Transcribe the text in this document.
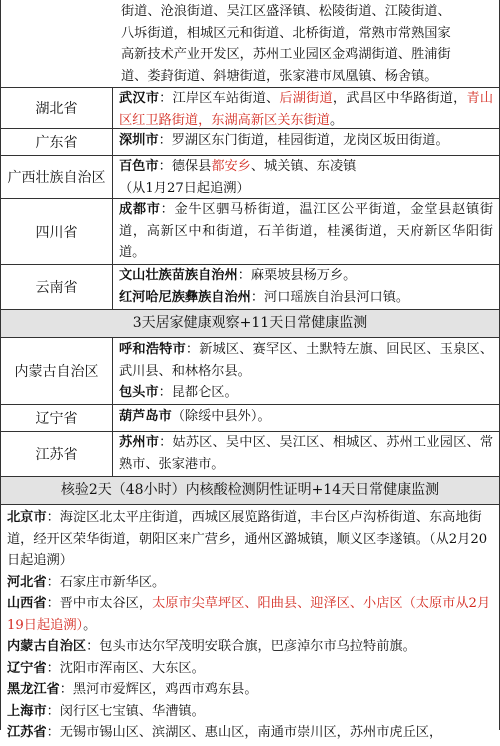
街道、沧浪街道、吴江区盛泽镇、松陵街道、江陵街道、
八坼街道，相城区元和街道、北桥街道，常熟市常熟国家
高新技术产业开发区，苏州工业园区金鸡湖街道、胜浦街
道、娄葑街道、斜塘街道，张家港市凤凰镇、杨舍镇。
湖北省
武汉市：江岸区车站街道、后湖街道，武昌区中华路街道，青山区红卫路街道，东湖高新区关东街道。
广东省	深圳市：罗湖区东门街道，桂园街道，龙岗区坂田街道。
广西壮族自治区
百色市：德保县都安乡、城关镇、东凌镇
（从1月27日起追溯）
四川省
成都市：金牛区驷马桥街道，温江区公平街道，金堂县赵镇街道，高新区中和街道，石羊街道，桂溪街道，天府新区华阳街道。
云南省
文山壮族苗族自治州：麻栗坡县杨万乡。
红河哈尼族彝族自治州：河口瑶族自治县河口镇。
3天居家健康观察+11天日常健康监测
内蒙古自治区
呼和浩特市：新城区、赛罕区、土默特左旗、回民区、玉泉区、武川县、和林格尔县。
包头市：昆都仑区。
辽宁省	葫芦岛市（除绥中县外）。
江苏省
苏州市：姑苏区、吴中区、吴江区、相城区、苏州工业园区、常熟市、张家港市。
核验2天（48小时）内核酸检测阴性证明+14天日常健康监测

北京市：海淀区北太平庄街道，西城区展览路街道，丰台区卢沟桥街道、东高地街道，经开区荣华街道，朝阳区来广营乡，通州区潞城镇，顺义区李遂镇。（从2月20日起追溯）

河北省：石家庄市新华区。

山西省：晋中市太谷区，太原市尖草坪区、阳曲县、迎泽区、小店区（太原市从2月19日起追溯）。

内蒙古自治区：包头市达尔罕茂明安联合旗，巴彦淖尔市乌拉特前旗。

辽宁省：沈阳市浑南区、大东区。

黑龙江省：黑河市爱辉区，鸡西市鸡东县。

上海市：闵行区七宝镇、华漕镇。

江苏省：无锡市锡山区、滨湖区、惠山区，南通市崇川区，苏州市虎丘区，
